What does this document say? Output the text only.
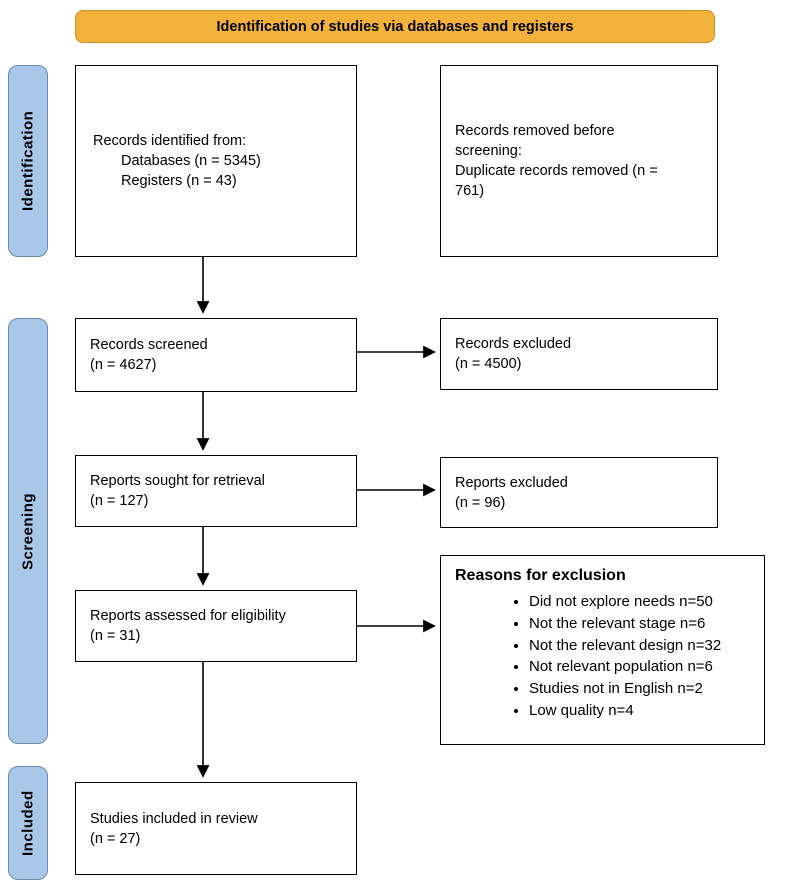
Identification of studies via databases and registers
Identification
Screening
Included
Records identified from:
Databases (n = 5345)
Registers (n = 43)
Records removed before
screening:
Duplicate records removed (n =
761)
Records screened
(n = 4627)
Records excluded
(n = 4500)
Reports sought for retrieval
(n = 127)
Reports excluded
(n = 96)
Reports assessed for eligibility
(n = 31)
Reasons for exclusion
• Did not explore needs n=50
• Not the relevant stage n=6
• Not the relevant design n=32
• Not relevant population n=6
• Studies not in English n=2
• Low quality n=4
Studies included in review
(n = 27)
